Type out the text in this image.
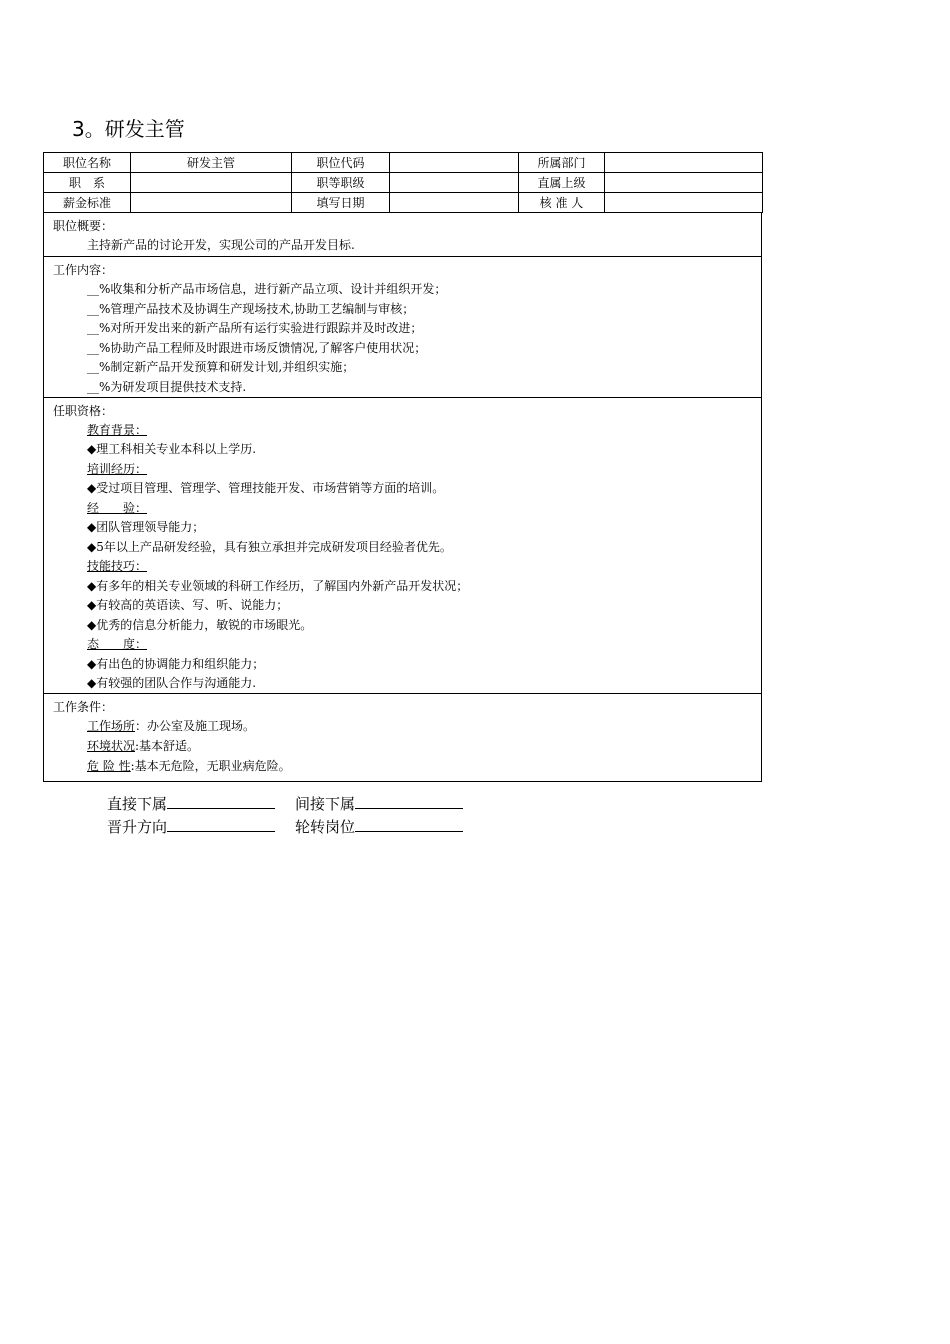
3。研发主管
职位名称	研发主管	职位代码		所属部门	
职　系		职等职级		直属上级	
薪金标准		填写日期		核 准 人	
职位概要：
主持新产品的讨论开发，实现公司的产品开发目标.
工作内容：
__%收集和分析产品市场信息，进行新产品立项、设计并组织开发；
__%管理产品技术及协调生产现场技术,协助工艺编制与审核；
__%对所开发出来的新产品所有运行实验进行跟踪并及时改进；
__%协助产品工程师及时跟进市场反馈情况,了解客户使用状况；
__%制定新产品开发预算和研发计划,并组织实施；
__%为研发项目提供技术支持.
任职资格：
教育背景：
◆理工科相关专业本科以上学历.
培训经历：
◆受过项目管理、管理学、管理技能开发、市场营销等方面的培训。
经　　验：
◆团队管理领导能力；
◆5年以上产品研发经验，具有独立承担并完成研发项目经验者优先。
技能技巧：
◆有多年的相关专业领域的科研工作经历，了解国内外新产品开发状况；
◆有较高的英语读、写、听、说能力；
◆优秀的信息分析能力，敏锐的市场眼光。
态　　度：
◆有出色的协调能力和组织能力；
◆有较强的团队合作与沟通能力.
工作条件：
工作场所：办公室及施工现场。
环境状况:基本舒适。
危 险 性:基本无危险，无职业病危险。
直接下属	间接下属
晋升方向	轮转岗位
